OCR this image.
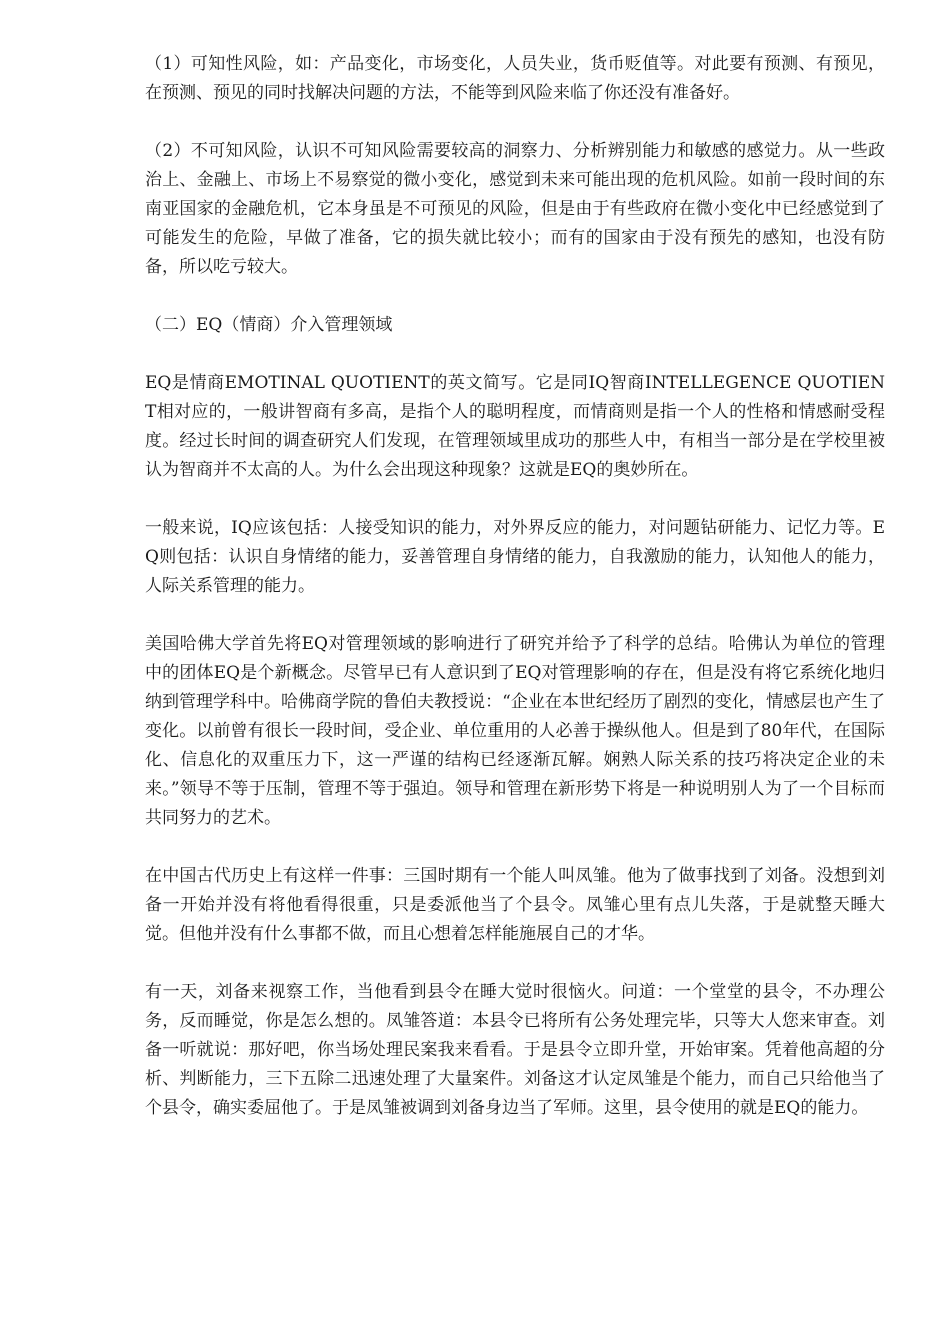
（1）可知性风险，如：产品变化，市场变化，人员失业，货币贬值等。对此要有预测、有预见，在预测、预见的同时找解决问题的方法，不能等到风险来临了你还没有准备好。

（2）不可知风险，认识不可知风险需要较高的洞察力、分析辨别能力和敏感的感觉力。从一些政治上、金融上、市场上不易察觉的微小变化，感觉到未来可能出现的危机风险。如前一段时间的东南亚国家的金融危机，它本身虽是不可预见的风险，但是由于有些政府在微小变化中已经感觉到了可能发生的危险，早做了准备，它的损失就比较小；而有的国家由于没有预先的感知，也没有防备，所以吃亏较大。

（二）EQ（情商）介入管理领域

EQ是情商EMOTINAL QUOTIENT的英文简写。它是同IQ智商INTELLEGENCE QUOTIENT相对应的，一般讲智商有多高，是指个人的聪明程度，而情商则是指一个人的性格和情感耐受程度。经过长时间的调查研究人们发现，在管理领域里成功的那些人中，有相当一部分是在学校里被认为智商并不太高的人。为什么会出现这种现象？这就是EQ的奥妙所在。

一般来说，IQ应该包括：人接受知识的能力，对外界反应的能力，对问题钻研能力、记忆力等。EQ则包括：认识自身情绪的能力，妥善管理自身情绪的能力，自我激励的能力，认知他人的能力，人际关系管理的能力。

美国哈佛大学首先将EQ对管理领域的影响进行了研究并给予了科学的总结。哈佛认为单位的管理中的团体EQ是个新概念。尽管早已有人意识到了EQ对管理影响的存在，但是没有将它系统化地归纳到管理学科中。哈佛商学院的鲁伯夫教授说：“企业在本世纪经历了剧烈的变化，情感层也产生了变化。以前曾有很长一段时间，受企业、单位重用的人必善于操纵他人。但是到了80年代，在国际化、信息化的双重压力下，这一严谨的结构已经逐渐瓦解。娴熟人际关系的技巧将决定企业的未来。”领导不等于压制，管理不等于强迫。领导和管理在新形势下将是一种说明别人为了一个目标而共同努力的艺术。

在中国古代历史上有这样一件事：三国时期有一个能人叫凤雏。他为了做事找到了刘备。没想到刘备一开始并没有将他看得很重，只是委派他当了个县令。凤雏心里有点儿失落，于是就整天睡大觉。但他并没有什么事都不做，而且心想着怎样能施展自己的才华。

有一天，刘备来视察工作，当他看到县令在睡大觉时很恼火。问道：一个堂堂的县令，不办理公务，反而睡觉，你是怎么想的。凤雏答道：本县令已将所有公务处理完毕，只等大人您来审查。刘备一听就说：那好吧，你当场处理民案我来看看。于是县令立即升堂，开始审案。凭着他高超的分析、判断能力，三下五除二迅速处理了大量案件。刘备这才认定凤雏是个能力，而自己只给他当了个县令，确实委屈他了。于是凤雏被调到刘备身边当了军师。这里，县令使用的就是EQ的能力。
